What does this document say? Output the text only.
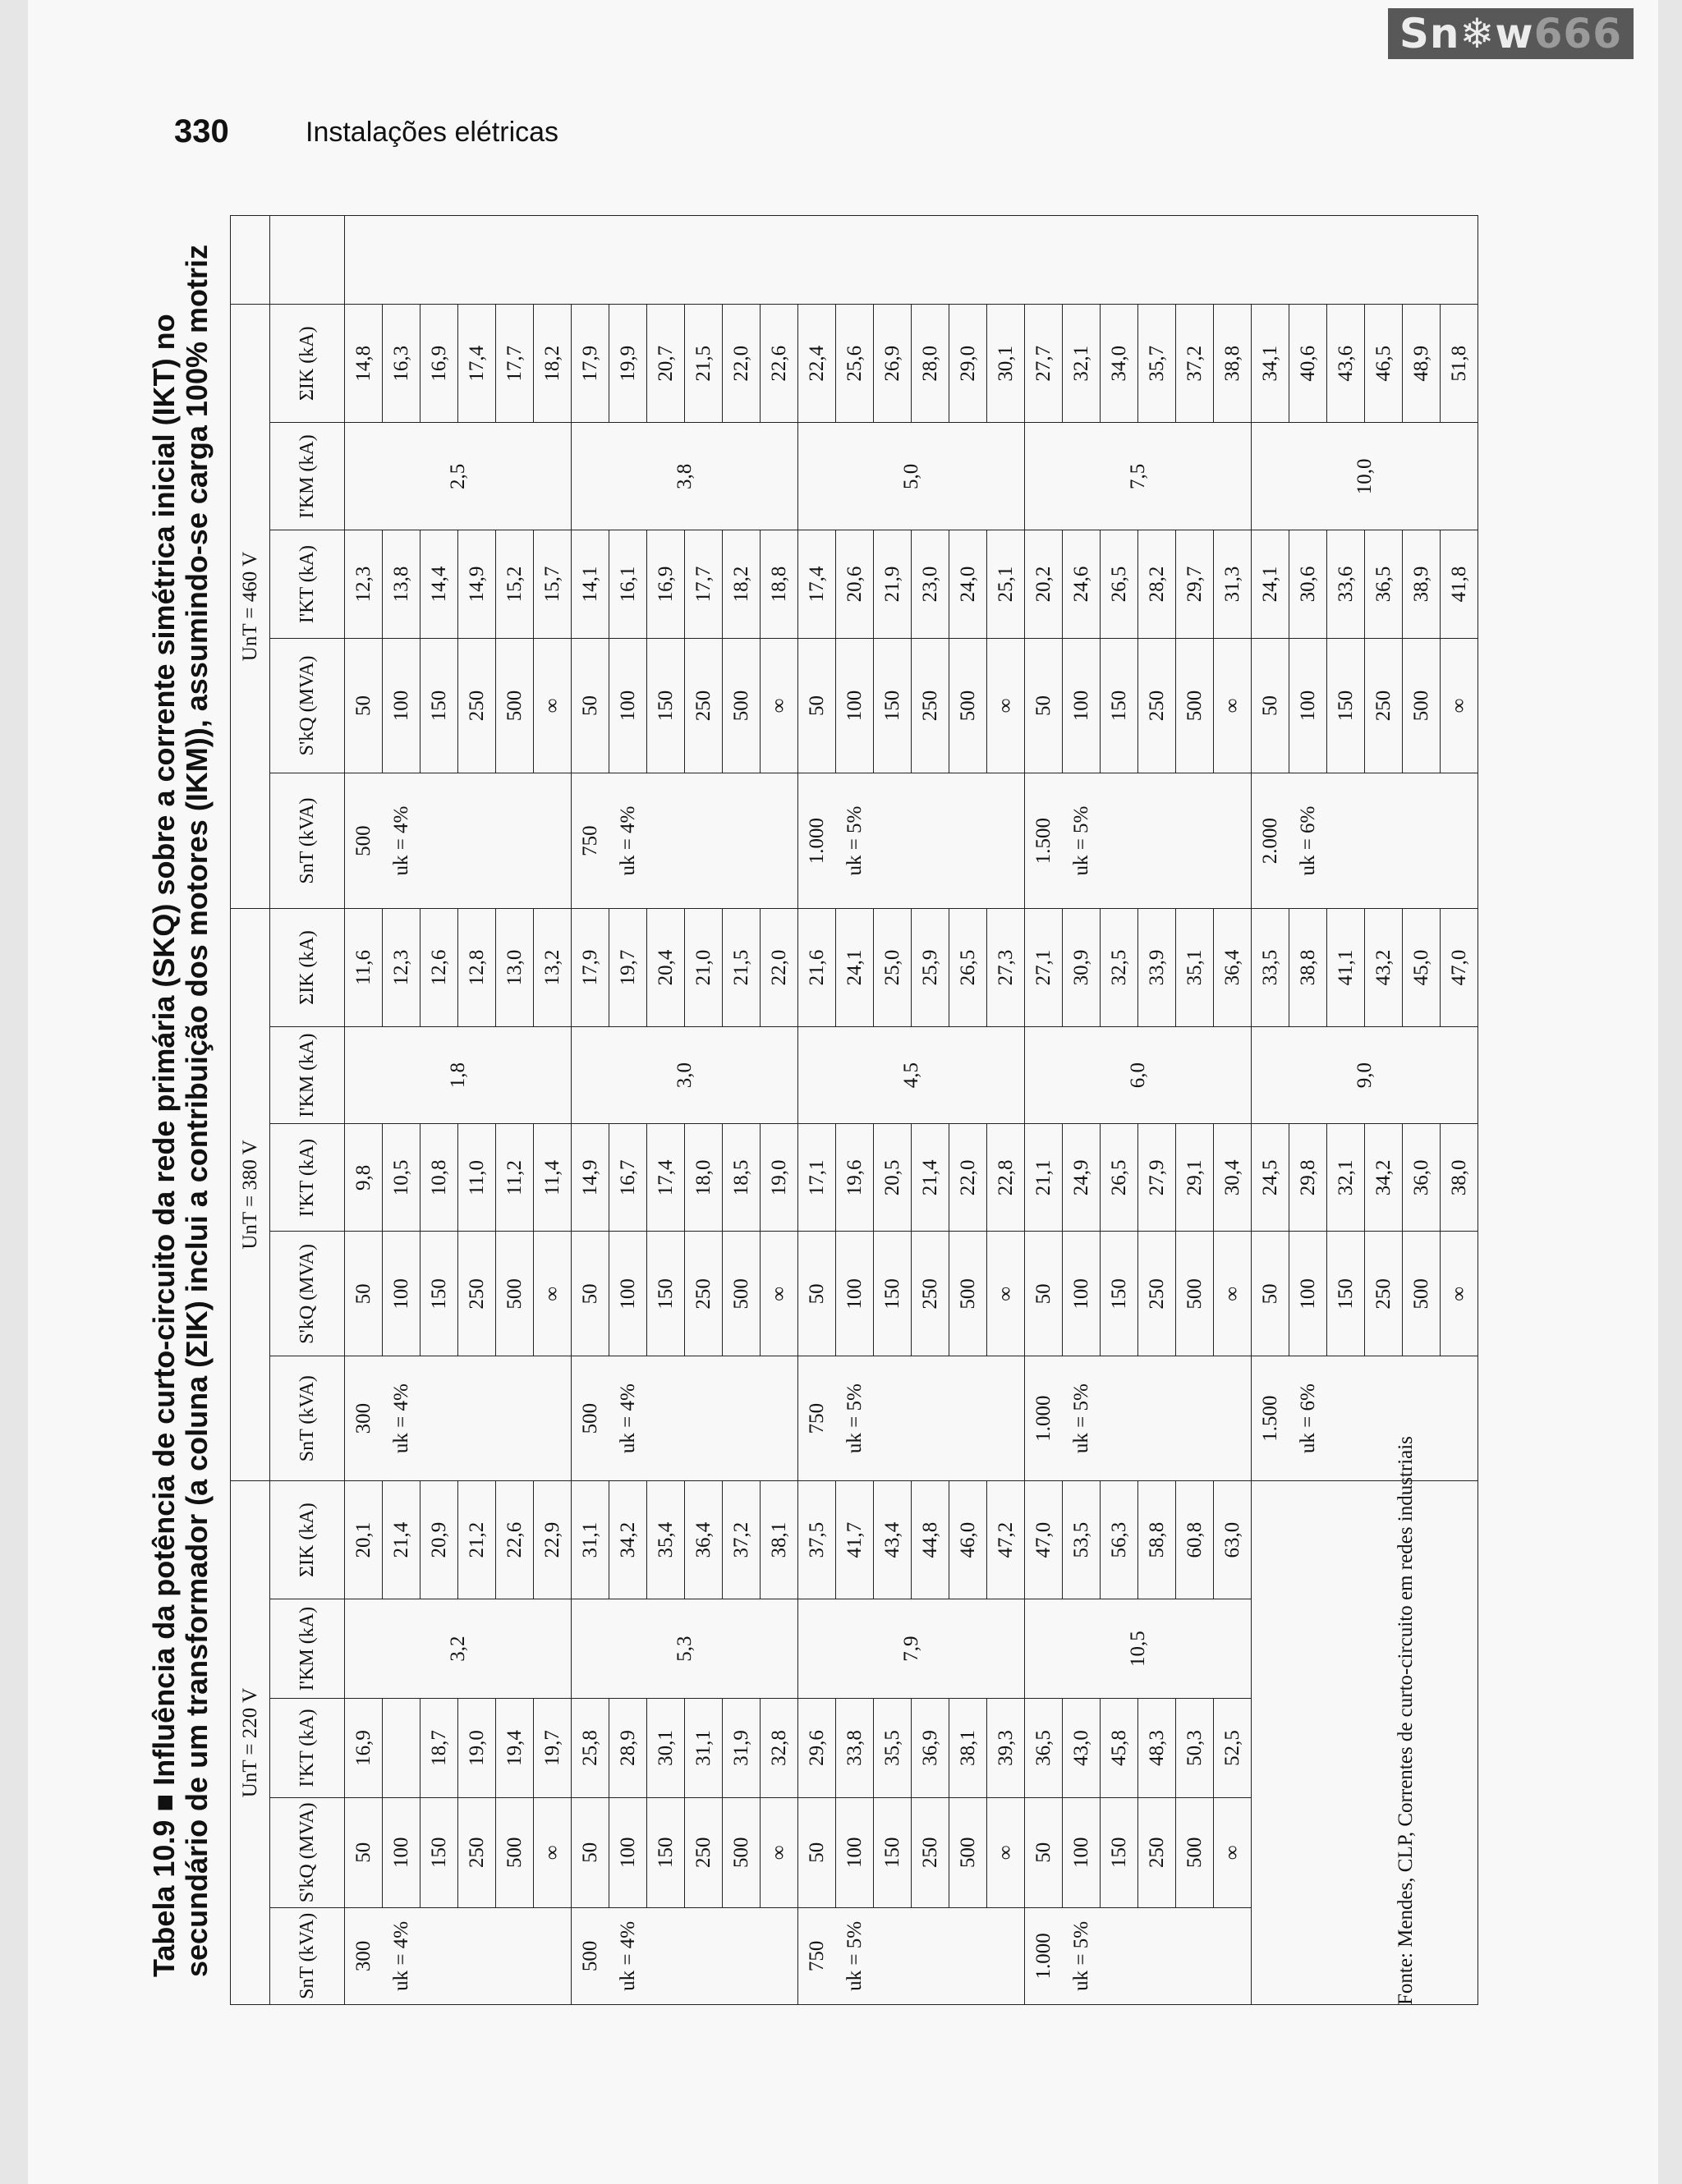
Sn❄w666
330	Instalações elétricas
Tabela 10.9 ■Influência da potência de curto-circuito da rede primária (SKQ) sobre a corrente simétrica inicial (IKT) no secundário de um transformador (a coluna (ΣIK) inclui a contribuição dos motores (IKM)), assumindo-se carga 100% motriz UnT = 220 V					UnT = 380 V					UnT = 460 V					
SnT (kVA)	S'kQ (MVA)	I'KT (kA)	I'KM (kA)	ΣIK (kA)	SnT (kVA)	S'kQ (MVA)	I'KT (kA)	I'KM (kA)	ΣIK (kA)	SnT (kVA)	S'kQ (MVA)	I'KT (kA)	I'KM (kA)	ΣIK (kA)	
300	50	16,9	3,2	20,1	300	50	9,8	1,8	11,6	500	50	12,3	2,5	14,8	
uk = 4%	100			21,4	uk = 4%	100	10,5		12,3	uk = 4%	100	13,8		16,3	
	150	18,7		20,9		150	10,8		12,6		150	14,4		16,9	
	250	19,0		21,2		250	11,0		12,8		250	14,9		17,4	
	500	19,4		22,6		500	11,2		13,0		500	15,2		17,7	
	∞	19,7		22,9		∞	11,4		13,2		∞	15,7		18,2	
500	50	25,8	5,3	31,1	500	50	14,9	3,0	17,9	750	50	14,1	3,8	17,9	
uk = 4%	100	28,9		34,2	uk = 4%	100	16,7		19,7	uk = 4%	100	16,1		19,9	
	150	30,1		35,4		150	17,4		20,4		150	16,9		20,7	
	250	31,1		36,4		250	18,0		21,0		250	17,7		21,5	
	500	31,9		37,2		500	18,5		21,5		500	18,2		22,0	
	∞	32,8		38,1		∞	19,0		22,0		∞	18,8		22,6	
750	50	29,6	7,9	37,5	750	50	17,1	4,5	21,6	1.000	50	17,4	5,0	22,4	
uk = 5%	100	33,8		41,7	uk = 5%	100	19,6		24,1	uk = 5%	100	20,6		25,6	
	150	35,5		43,4		150	20,5		25,0		150	21,9		26,9	
	250	36,9		44,8		250	21,4		25,9		250	23,0		28,0	
	500	38,1		46,0		500	22,0		26,5		500	24,0		29,0	
	∞	39,3		47,2		∞	22,8		27,3		∞	25,1		30,1	
1.000	50	36,5	10,5	47,0	1.000	50	21,1	6,0	27,1	1.500	50	20,2	7,5	27,7	
uk = 5%	100	43,0		53,5	uk = 5%	100	24,9		30,9	uk = 5%	100	24,6		32,1	
	150	45,8		56,3		150	26,5		32,5		150	26,5		34,0	
	250	48,3		58,8		250	27,9		33,9		250	28,2		35,7	
	500	50,3		60,8		500	29,1		35,1		500	29,7		37,2	
	∞	52,5		63,0		∞	30,4		36,4		∞	31,3		38,8	
					1.500	50	24,5	9,0	33,5	2.000	50	24,1	10,0	34,1	
					uk = 6%	100	29,8		38,8	uk = 6%	100	30,6		40,6	
						150	32,1		41,1		150	33,6		43,6	
						250	34,2		43,2		250	36,5		46,5	
						500	36,0		45,0		500	38,9		48,9	
						∞	38,0		47,0		∞	41,8		51,8	
Fonte: Mendes, CLP, Correntes de curto-circuito em redes industriais
